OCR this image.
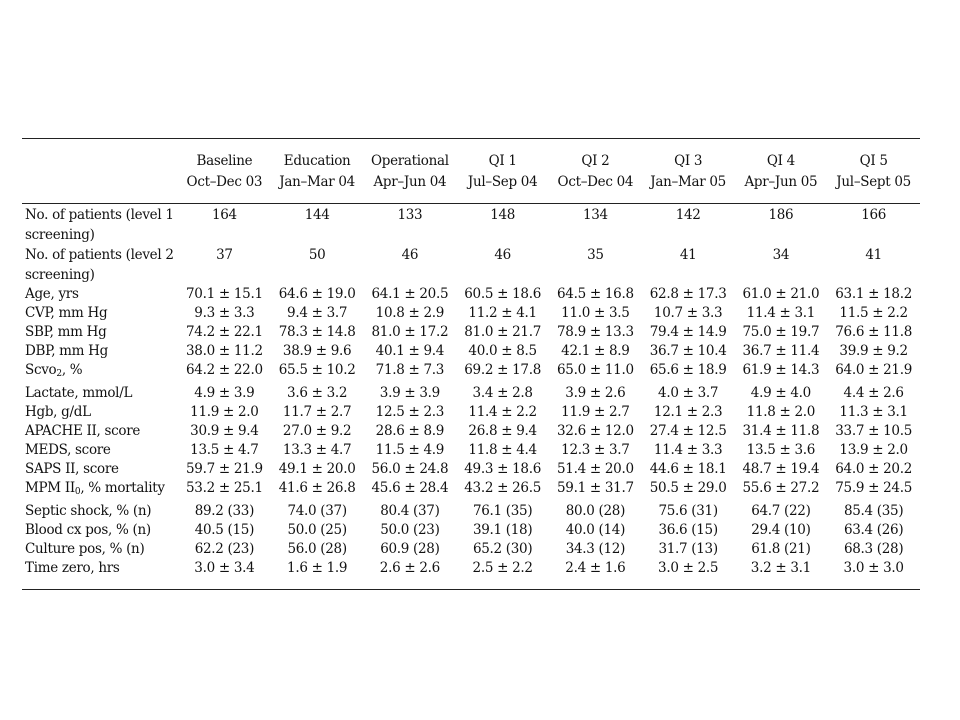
	Baseline	Education	Operational	QI 1	QI 2	QI 3	QI 4	QI 5
	Oct–Dec 03	Jan–Mar 04	Apr–Jun 04	Jul–Sep 04	Oct–Dec 04	Jan–Mar 05	Apr–Jun 05	Jul–Sept 05

No. of patients (level 1 screening)	164	144	133	148	134	142	186	166
No. of patients (level 2 screening)	37	50	46	46	35	41	34	41
Age, yrs	70.1 ± 15.1	64.6 ± 19.0	64.1 ± 20.5	60.5 ± 18.6	64.5 ± 16.8	62.8 ± 17.3	61.0 ± 21.0	63.1 ± 18.2
CVP, mm Hg	9.3 ± 3.3	9.4 ± 3.7	10.8 ± 2.9	11.2 ± 4.1	11.0 ± 3.5	10.7 ± 3.3	11.4 ± 3.1	11.5 ± 2.2
SBP, mm Hg	74.2 ± 22.1	78.3 ± 14.8	81.0 ± 17.2	81.0 ± 21.7	78.9 ± 13.3	79.4 ± 14.9	75.0 ± 19.7	76.6 ± 11.8
DBP, mm Hg	38.0 ± 11.2	38.9 ± 9.6	40.1 ± 9.4	40.0 ± 8.5	42.1 ± 8.9	36.7 ± 10.4	36.7 ± 11.4	39.9 ± 9.2
Scvo$_2$, %	64.2 ± 22.0	65.5 ± 10.2	71.8 ± 7.3	69.2 ± 17.8	65.0 ± 11.0	65.6 ± 18.9	61.9 ± 14.3	64.0 ± 21.9
Lactate, mmol/L	4.9 ± 3.9	3.6 ± 3.2	3.9 ± 3.9	3.4 ± 2.8	3.9 ± 2.6	4.0 ± 3.7	4.9 ± 4.0	4.4 ± 2.6
Hgb, g/dL	11.9 ± 2.0	11.7 ± 2.7	12.5 ± 2.3	11.4 ± 2.2	11.9 ± 2.7	12.1 ± 2.3	11.8 ± 2.0	11.3 ± 3.1
APACHE II, score	30.9 ± 9.4	27.0 ± 9.2	28.6 ± 8.9	26.8 ± 9.4	32.6 ± 12.0	27.4 ± 12.5	31.4 ± 11.8	33.7 ± 10.5
MEDS, score	13.5 ± 4.7	13.3 ± 4.7	11.5 ± 4.9	11.8 ± 4.4	12.3 ± 3.7	11.4 ± 3.3	13.5 ± 3.6	13.9 ± 2.0
SAPS II, score	59.7 ± 21.9	49.1 ± 20.0	56.0 ± 24.8	49.3 ± 18.6	51.4 ± 20.0	44.6 ± 18.1	48.7 ± 19.4	64.0 ± 20.2
MPM $II_0$, % mortality	53.2 ± 25.1	41.6 ± 26.8	45.6 ± 28.4	43.2 ± 26.5	59.1 ± 31.7	50.5 ± 29.0	55.6 ± 27.2	75.9 ± 24.5
Septic shock, % (n)	89.2 (33)	74.0 (37)	80.4 (37)	76.1 (35)	80.0 (28)	75.6 (31)	64.7 (22)	85.4 (35)
Blood cx pos, % (n)	40.5 (15)	50.0 (25)	50.0 (23)	39.1 (18)	40.0 (14)	36.6 (15)	29.4 (10)	63.4 (26)
Culture pos, % (n)	62.2 (23)	56.0 (28)	60.9 (28)	65.2 (30)	34.3 (12)	31.7 (13)	61.8 (21)	68.3 (28)
Time zero, hrs	3.0 ± 3.4	1.6 ± 1.9	2.6 ± 2.6	2.5 ± 2.2	2.4 ± 1.6	3.0 ± 2.5	3.2 ± 3.1	3.0 ± 3.0
